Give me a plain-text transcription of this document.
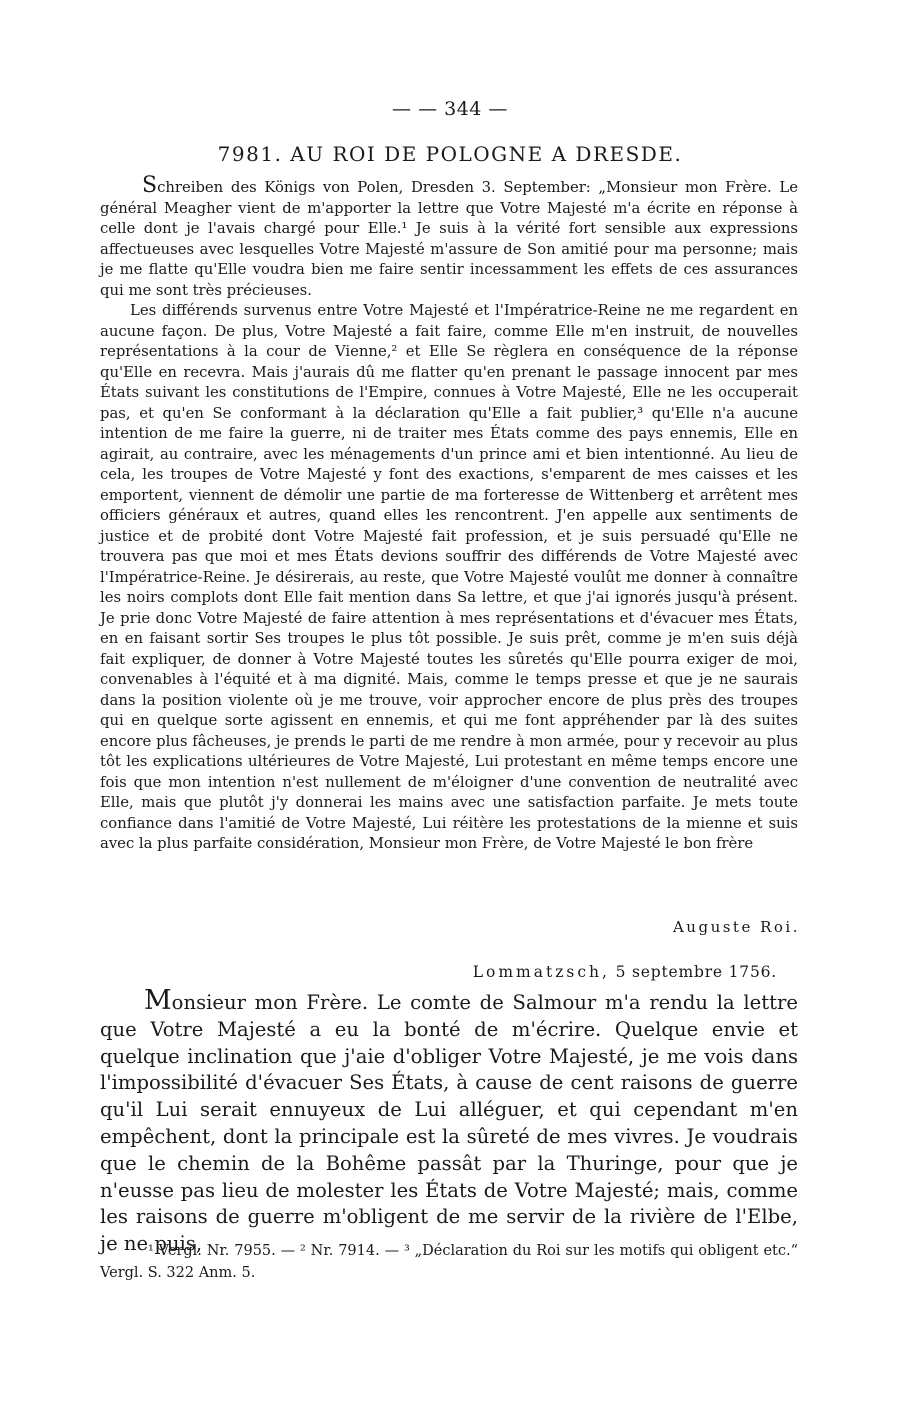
— — 344 —
7981. AU ROI DE POLOGNE A DRESDE.

Schreiben des Königs von Polen, Dresden 3. September: „Monsieur mon Frère. Le général Meagher vient de m'apporter la lettre que Votre Majesté m'a écrite en réponse à celle dont je l'avais chargé pour Elle.¹ Je suis à la vérité fort sensible aux expressions affectueuses avec lesquelles Votre Majesté m'assure de Son amitié pour ma personne; mais je me flatte qu'Elle voudra bien me faire sentir incessamment les effets de ces assurances qui me sont très précieuses.

Les différends survenus entre Votre Majesté et l'Impératrice-Reine ne me regardent en aucune façon. De plus, Votre Majesté a fait faire, comme Elle m'en instruit, de nouvelles représentations à la cour de Vienne,² et Elle Se règlera en conséquence de la réponse qu'Elle en recevra. Mais j'aurais dû me flatter qu'en prenant le passage innocent par mes États suivant les constitutions de l'Empire, connues à Votre Majesté, Elle ne les occuperait pas, et qu'en Se conformant à la déclaration qu'Elle a fait publier,³ qu'Elle n'a aucune intention de me faire la guerre, ni de traiter mes États comme des pays ennemis, Elle en agirait, au contraire, avec les ménagements d'un prince ami et bien intentionné. Au lieu de cela, les troupes de Votre Majesté y font des exactions, s'emparent de mes caisses et les emportent, viennent de démolir une partie de ma forteresse de Wittenberg et arrêtent mes officiers généraux et autres, quand elles les rencontrent. J'en appelle aux sentiments de justice et de probité dont Votre Majesté fait profession, et je suis persuadé qu'Elle ne trouvera pas que moi et mes États devions souffrir des différends de Votre Majesté avec l'Impératrice-Reine. Je désirerais, au reste, que Votre Majesté voulût me donner à connaître les noirs complots dont Elle fait mention dans Sa lettre, et que j'ai ignorés jusqu'à présent. Je prie donc Votre Majesté de faire attention à mes représentations et d'évacuer mes États, en en faisant sortir Ses troupes le plus tôt possible. Je suis prêt, comme je m'en suis déjà fait expliquer, de donner à Votre Majesté toutes les sûretés qu'Elle pourra exiger de moi, convenables à l'équité et à ma dignité. Mais, comme le temps presse et que je ne saurais dans la position violente où je me trouve, voir approcher encore de plus près des troupes qui en quelque sorte agissent en ennemis, et qui me font appréhender par là des suites encore plus fâcheuses, je prends le parti de me rendre à mon armée, pour y recevoir au plus tôt les explications ultérieures de Votre Majesté, Lui protestant en même temps encore une fois que mon intention n'est nullement de m'éloigner d'une convention de neutralité avec Elle, mais que plutôt j'y donnerai les mains avec une satisfaction parfaite. Je mets toute confiance dans l'amitié de Votre Majesté, Lui réitère les protestations de la mienne et suis avec la plus parfaite considération, Monsieur mon Frère, de Votre Majesté le bon frère

Auguste Roi.
Lommatzsch, 5 septembre 1756.

Monsieur mon Frère. Le comte de Salmour m'a rendu la lettre que Votre Majesté a eu la bonté de m'écrire. Quelque envie et quelque inclination que j'aie d'obliger Votre Majesté, je me vois dans l'impossibilité d'évacuer Ses États, à cause de cent raisons de guerre qu'il Lui serait ennuyeux de Lui alléguer, et qui cependant m'en empêchent, dont la principale est la sûreté de mes vivres. Je voudrais que le chemin de la Bohême passât par la Thuringe, pour que je n'eusse pas lieu de molester les États de Votre Majesté; mais, comme les raisons de guerre m'obligent de me servir de la rivière de l'Elbe, je ne puis,

¹ Vergl. Nr. 7955. — ² Nr. 7914. — ³ „Déclaration du Roi sur les motifs qui obligent etc.“ Vergl. S. 322 Anm. 5.
